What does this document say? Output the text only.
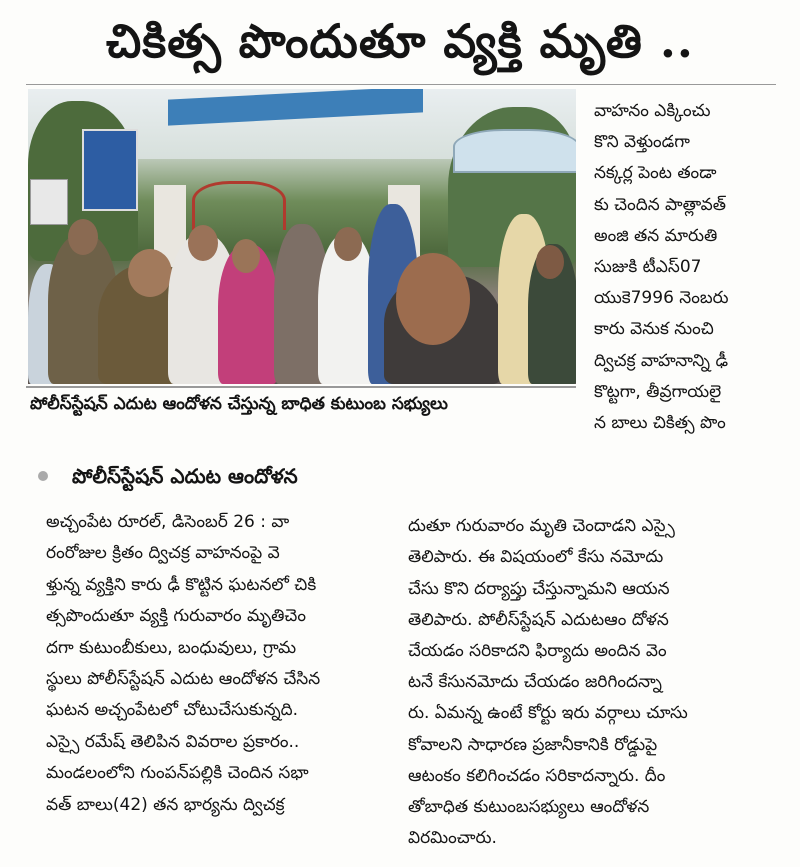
చికిత్స పొందుతూ వ్యక్తి మృతి ..
పోలీస్‌స్టేషన్ ఎదుట ఆందోళన చేస్తున్న బాధిత కుటుంబ సభ్యులు
వాహనం ఎక్కించు
కొని వెళ్తుండగా
నక్కర్ల పెంట తండా
కు చెందిన పాత్లావత్
అంజి తన మారుతి
సుజుకి టీఎస్07
యుకె7996 నెంబరు
కారు వెనుక నుంచి
ద్విచక్ర వాహనాన్ని ఢీ
కొట్టగా, తీవ్రగాయలై
న బాలు చికిత్స పొం
పోలీస్‌స్టేషన్ ఎదుట ఆందోళన
అచ్చంపేట రూరల్, డిసెంబర్ 26 : వా
రంరోజుల క్రితం ద్విచక్ర వాహనంపై వె
ళ్తున్న వ్యక్తిని కారు ఢీ కొట్టిన ఘటనలో చికి
త్సపొందుతూ వ్యక్తి గురువారం మృతిచెం
దగా కుటుంబీకులు, బంధువులు, గ్రామ
స్థులు పోలీస్‌స్టేషన్ ఎదుట ఆందోళన చేసిన
ఘటన అచ్చంపేటలో చోటుచేసుకున్నది.
ఎస్సై రమేష్ తెలిపిన వివరాల ప్రకారం..
మండలంలోని గుంపన్‌పల్లికి చెందిన సభా
వత్ బాలు(42) తన భార్యను ద్విచక్ర

దుతూ గురువారం మృతి చెందాడని ఎస్సై
తెలిపారు. ఈ విషయంలో కేసు నమోదు
చేసు కొని దర్యాప్తు చేస్తున్నామని ఆయన
తెలిపారు. పోలీస్‌స్టేషన్ ఎదుటఆం దోళన
చేయడం సరికాదని ఫిర్యాదు అందిన వెం
టనే కేసునమోదు చేయడం జరిగిందన్నా
రు. ఏమన్న ఉంటే కోర్టు ఇరు వర్గాలు చూసు
కోవాలని సాధారణ ప్రజానీకానికి రోడ్డుపై
ఆటంకం కలిగించడం సరికాదన్నారు. దీం
తోబాధిత కుటుంబసభ్యులు ఆందోళన
విరమించారు.
